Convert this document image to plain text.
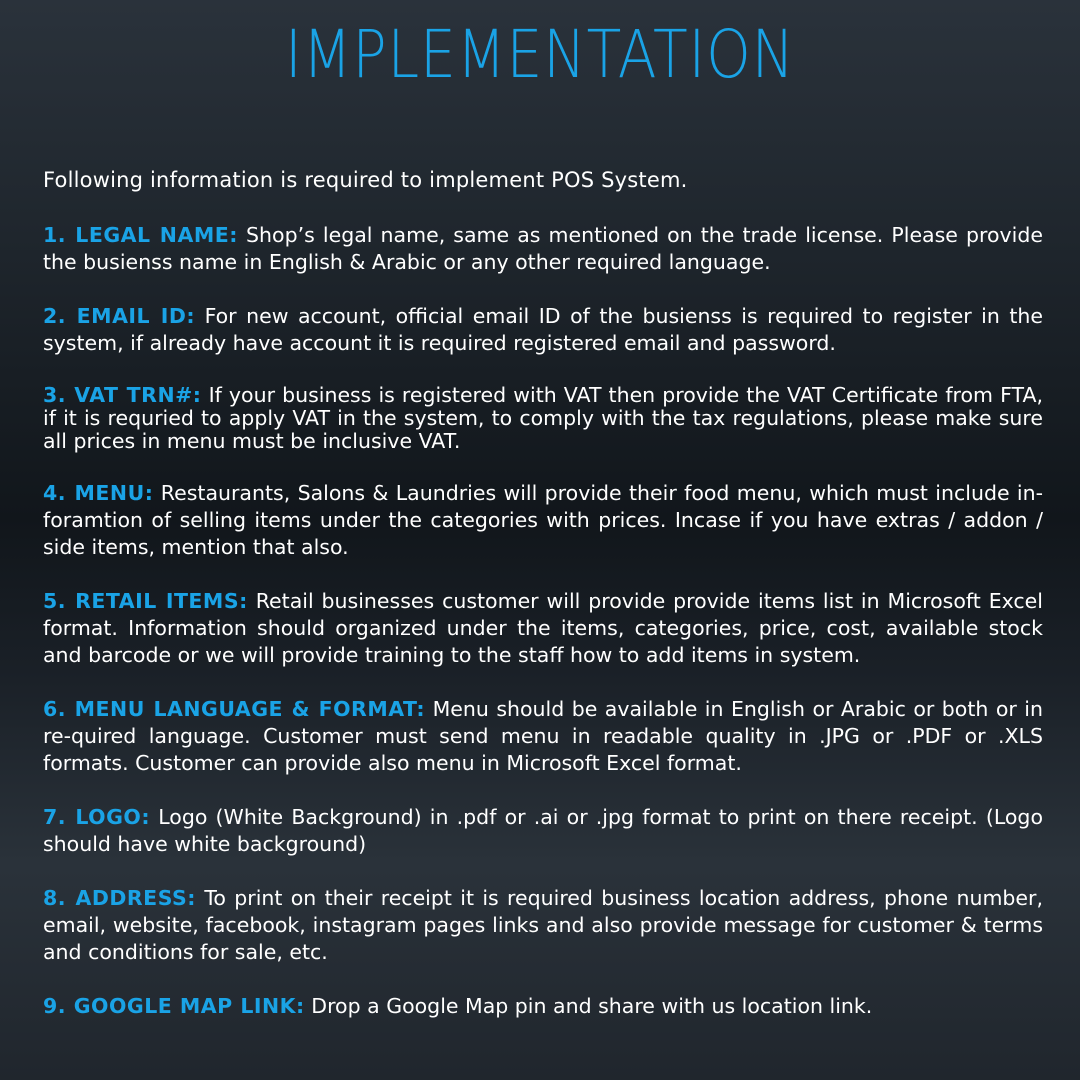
IMPLEMENTATION

Following information is required to implement POS System.

1. LEGAL NAME: Shop’s legal name, same as mentioned on the trade license. Please provide the busienss name in English & Arabic or any other required language.

2. EMAIL ID: For new account, official email ID of the busienss is required to register in the system, if already have account it is required registered email and password.

3. VAT TRN#: If your business is registered with VAT then provide the VAT Certificate from FTA, if it is requried to apply VAT in the system, to comply with the tax regulations, please make sure all prices in menu must be inclusive VAT.

4. MENU: Restaurants, Salons & Laundries will provide their food menu, which must include in-foramtion of selling items under the categories with prices. Incase if you have extras / addon / side items, mention that also.

5. RETAIL ITEMS: Retail businesses customer will provide provide items list in Microsoft Excel format. Information should organized under the items, categories, price, cost, available stock and barcode or we will provide training to the staff how to add items in system.

6. MENU LANGUAGE & FORMAT: Menu should be available in English or Arabic or both or in re-quired language. Customer must send menu in readable quality in .JPG or .PDF or .XLS formats. Customer can provide also menu in Microsoft Excel format.

7. LOGO: Logo (White Background) in .pdf or .ai or .jpg format to print on there receipt. (Logo should have white background)

8. ADDRESS: To print on their receipt it is required business location address, phone number, email, website, facebook, instagram pages links and also provide message for customer & terms and conditions for sale, etc.

9. GOOGLE MAP LINK: Drop a Google Map pin and share with us location link.
